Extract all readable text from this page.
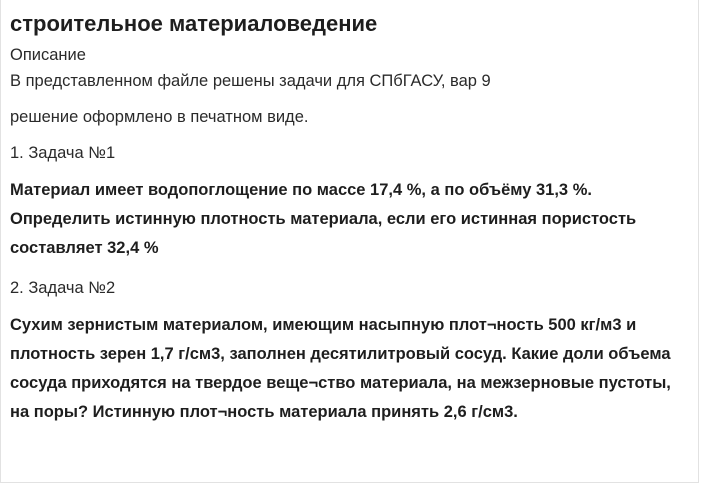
строительное материаловедение
Описание

В представленном файле решены задачи для СПбГАСУ, вар 9

решение оформлено в печатном виде.

1. Задача №1

Материал имеет водопоглощение по массе 17,4 %, а по объёму 31,3 %. Определить истинную плотность материала, если его истинная пористость составляет 32,4 %

2. Задача №2

Сухим зернистым материалом, имеющим насыпную плот¬ность 500 кг/м3 и плотность зерен 1,7 г/см3, заполнен десятилитровый сосуд. Какие доли объема сосуда приходятся на твердое веще¬ство материала, на межзерновые пустоты, на поры? Истинную плот¬ность материала принять 2,6 г/см3.
